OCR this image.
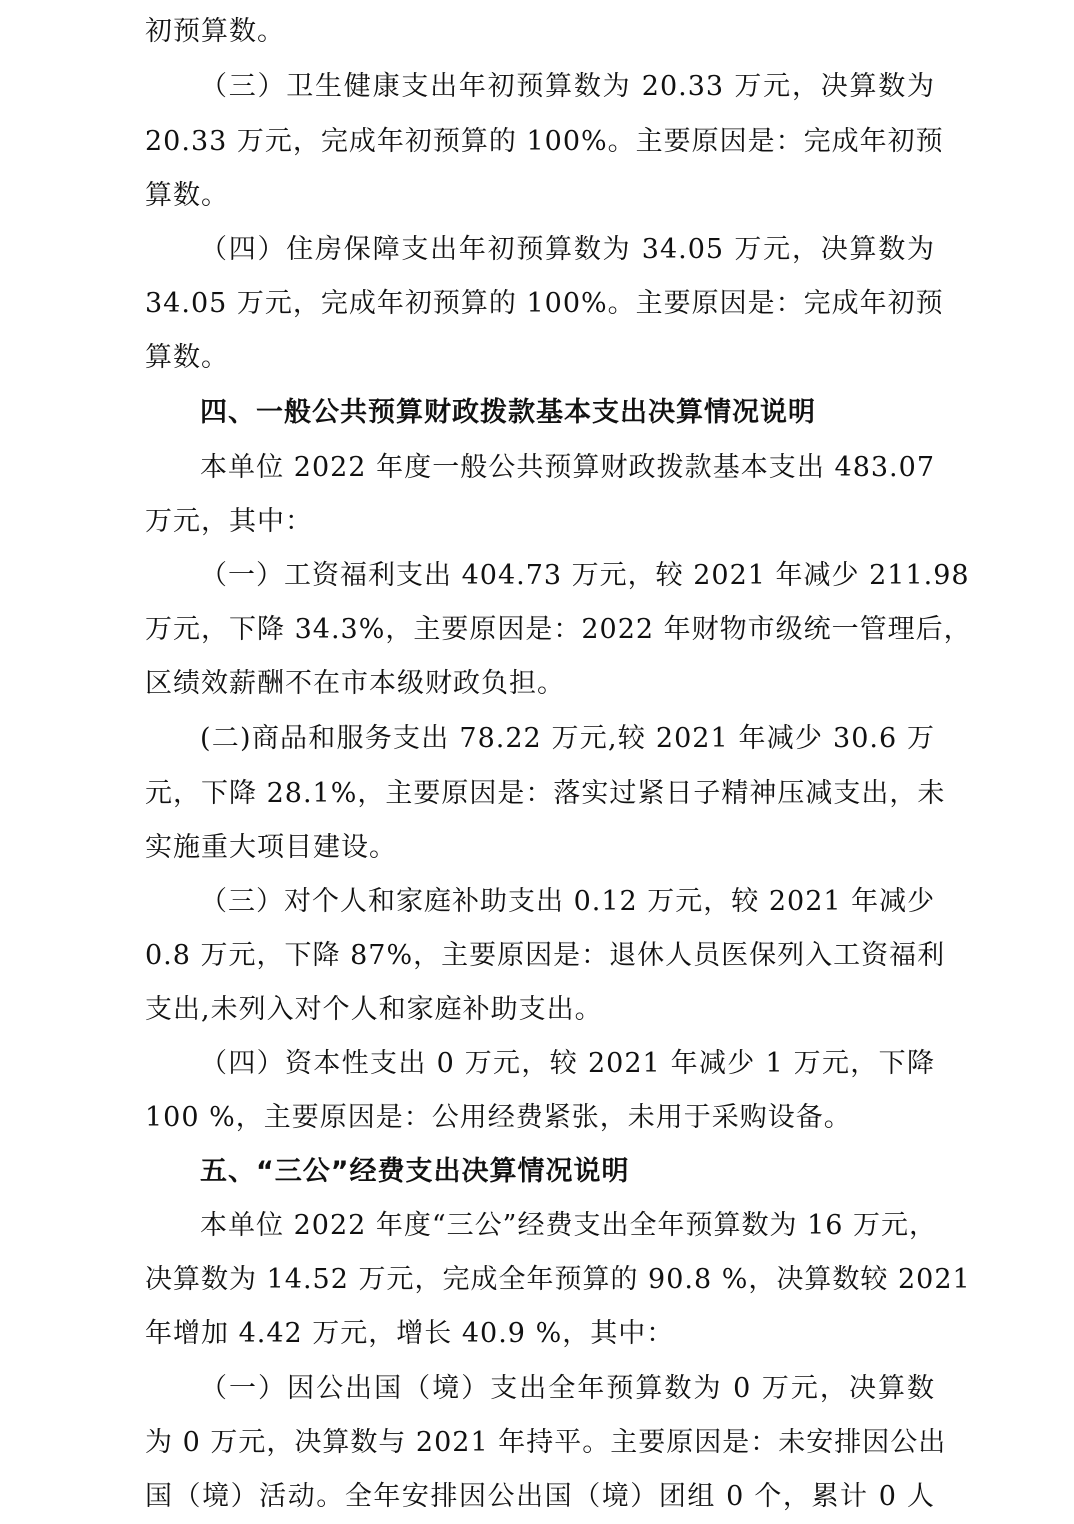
初预算数。
（三）卫生健康支出年初预算数为 20.33 万元，决算数为
20.33 万元，完成年初预算的 100%。主要原因是：完成年初预
算数。
（四）住房保障支出年初预算数为 34.05 万元，决算数为
34.05 万元，完成年初预算的 100%。主要原因是：完成年初预
算数。
四、一般公共预算财政拨款基本支出决算情况说明
本单位 2022 年度一般公共预算财政拨款基本支出 483.07
万元，其中：
（一）工资福利支出 404.73 万元，较 2021 年减少 211.98
万元，下降 34.3%，主要原因是：2022 年财物市级统一管理后，
区绩效薪酬不在市本级财政负担。
(二)商品和服务支出 78.22 万元,较 2021 年减少 30.6 万
元，下降 28.1%，主要原因是：落实过紧日子精神压减支出，未
实施重大项目建设。
（三）对个人和家庭补助支出 0.12 万元，较 2021 年减少
0.8 万元，下降 87%，主要原因是：退休人员医保列入工资福利
支出,未列入对个人和家庭补助支出。
（四）资本性支出 0 万元，较 2021 年减少 1 万元，下降
100 %，主要原因是：公用经费紧张，未用于采购设备。
五、“三公”经费支出决算情况说明
本单位 2022 年度“三公”经费支出全年预算数为 16 万元，
决算数为 14.52 万元，完成全年预算的 90.8 %，决算数较 2021
年增加 4.42 万元，增长 40.9 %，其中：
（一）因公出国（境）支出全年预算数为 0 万元，决算数
为 0 万元，决算数与 2021 年持平。主要原因是：未安排因公出
国（境）活动。全年安排因公出国（境）团组 0 个，累计 0 人
